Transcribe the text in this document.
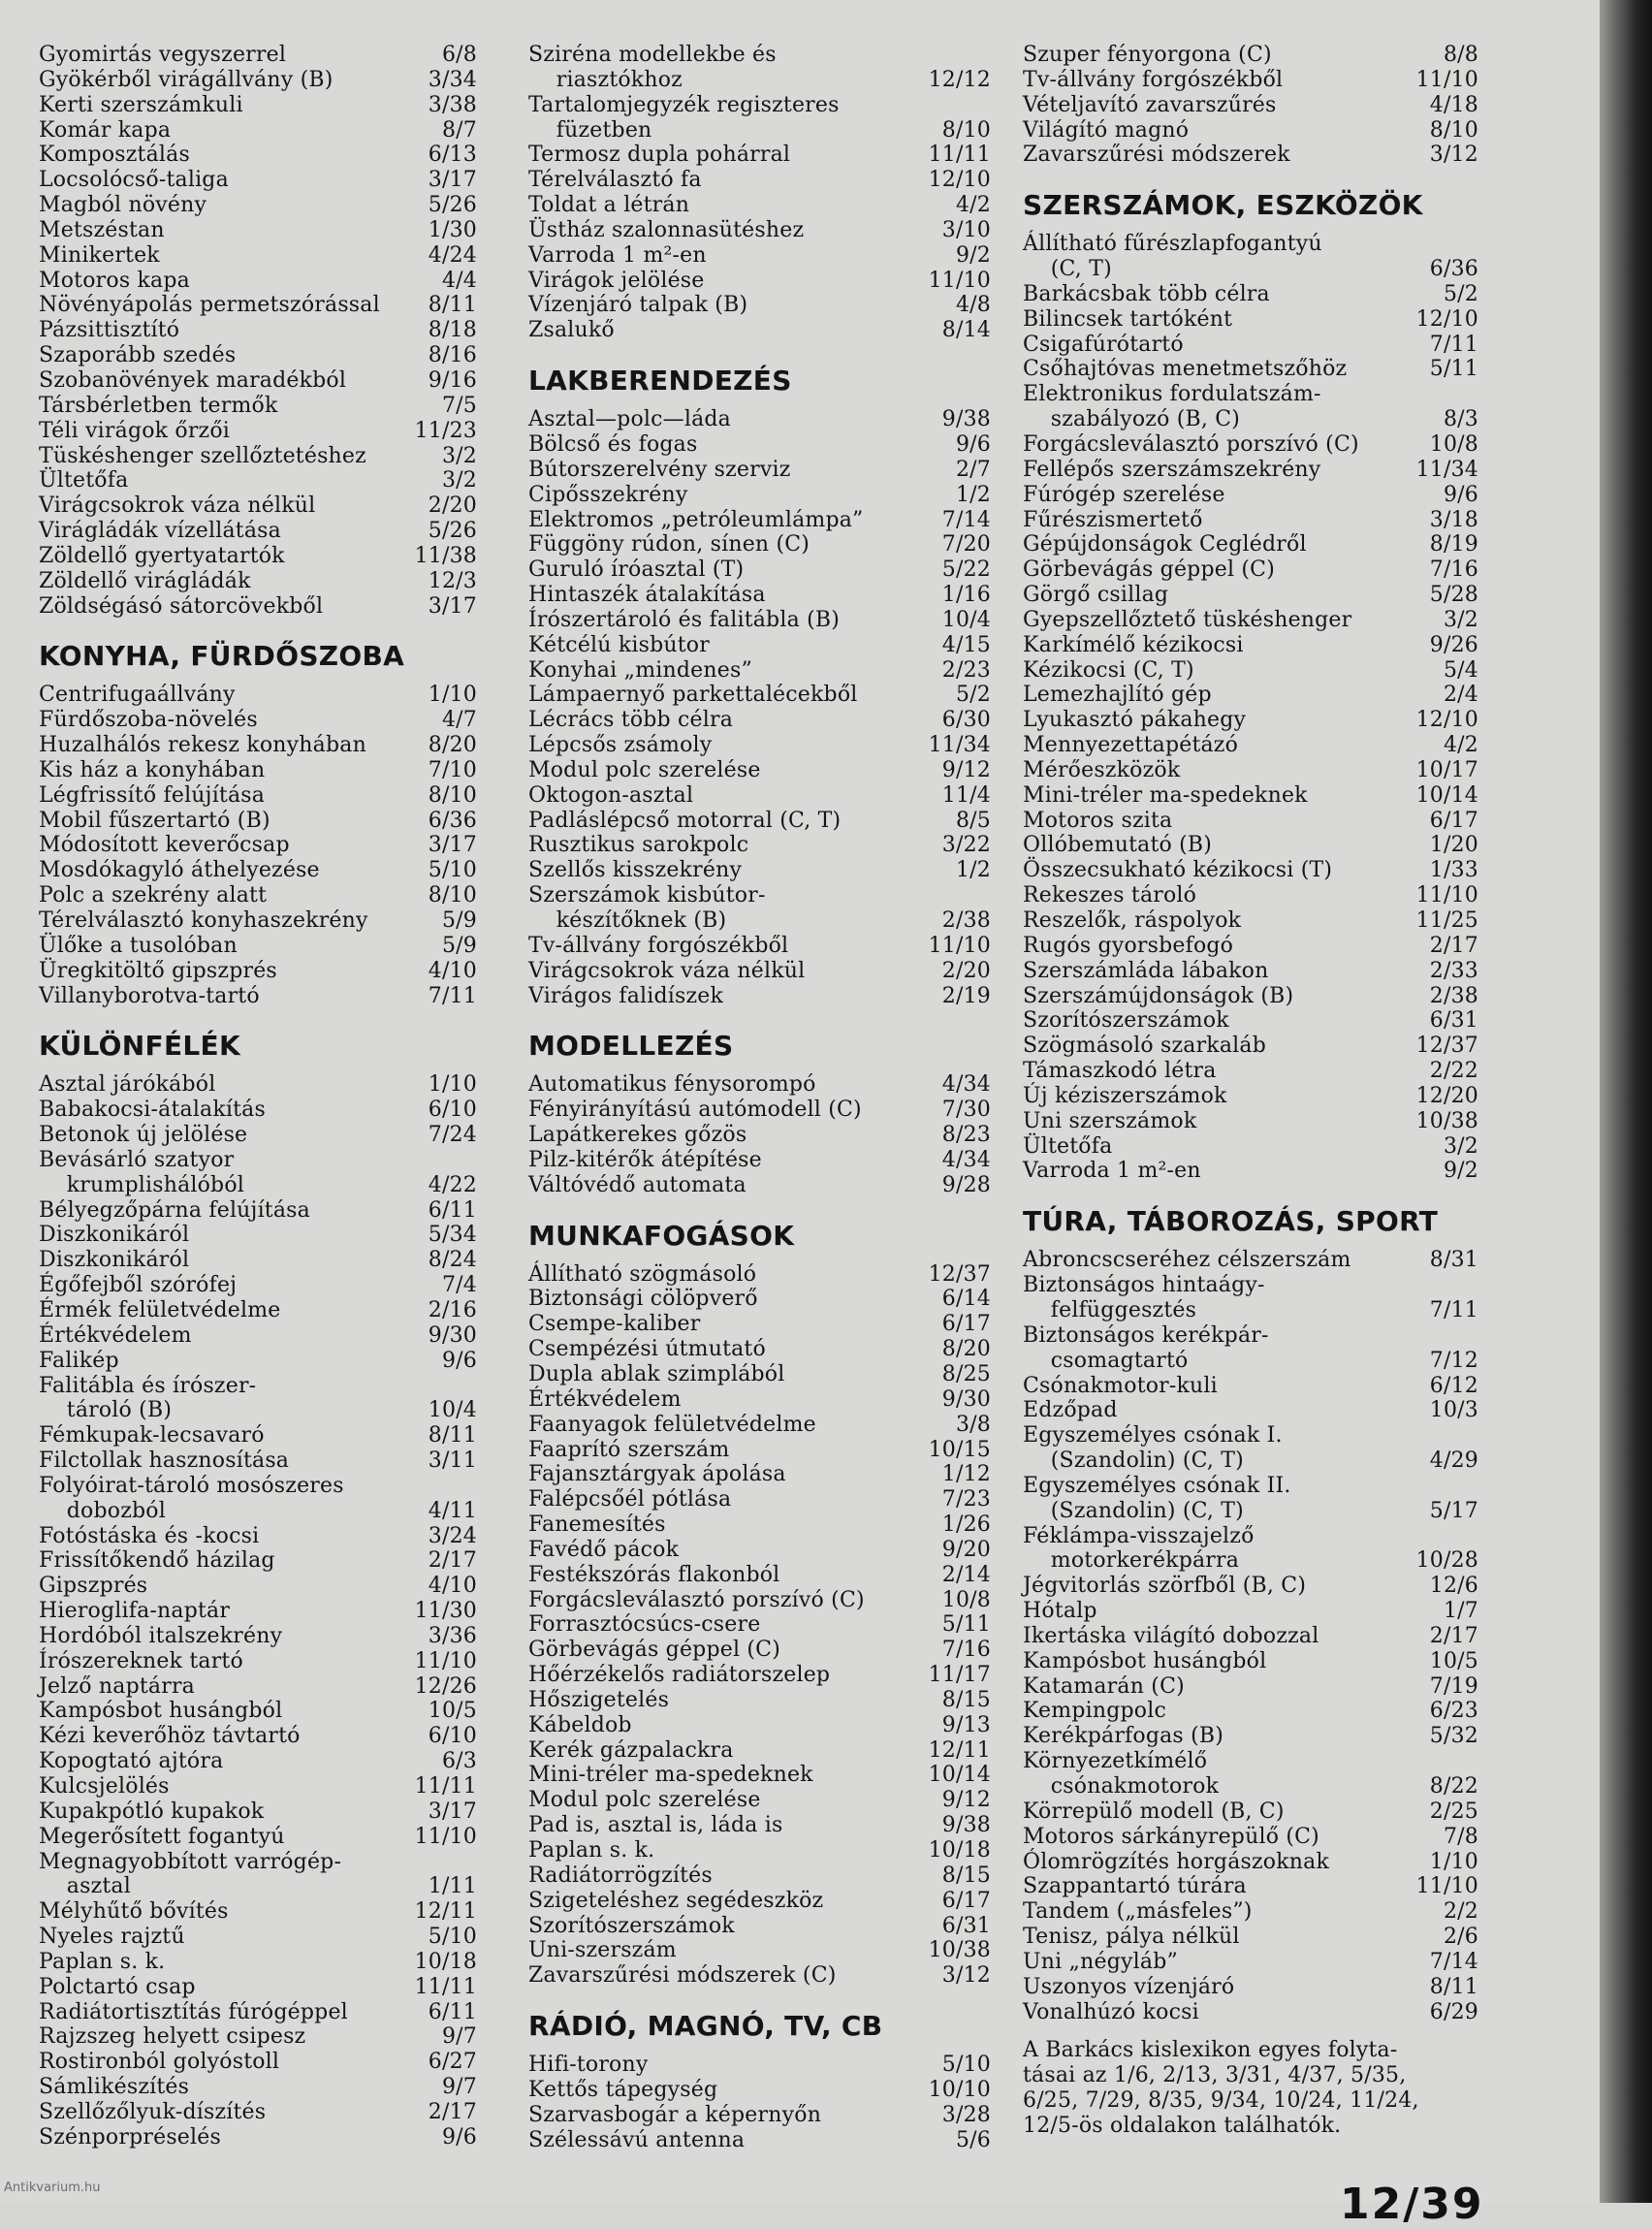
Gyomirtás vegyszerrel	6/8
Gyökérből virágállvány (B)	3/34
Kerti szerszámkuli	3/38
Komár kapa	8/7
Komposztálás	6/13
Locsolócső-taliga	3/17
Magból növény	5/26
Metszéstan	1/30
Minikertek	4/24
Motoros kapa	4/4
Növényápolás permetszórással	8/11
Pázsittisztító	8/18
Szaporább szedés	8/16
Szobanövények maradékból	9/16
Társbérletben termők	7/5
Téli virágok őrzői	11/23
Tüskéshenger szellőztetéshez	3/2
Ültetőfa	3/2
Virágcsokrok váza nélkül	2/20
Virágládák vízellátása	5/26
Zöldellő gyertyatartók	11/38
Zöldellő virágládák	12/3
Zöldségásó sátorcövekből	3/17
KONYHA, FÜRDŐSZOBA
Centrifugaállvány	1/10
Fürdőszoba-növelés	4/7
Huzalhálós rekesz konyhában	8/20
Kis ház a konyhában	7/10
Légfrissítő felújítása	8/10
Mobil fűszertartó (B)	6/36
Módosított keverőcsap	3/17
Mosdókagyló áthelyezése	5/10
Polc a szekrény alatt	8/10
Térelválasztó konyhaszekrény	5/9
Ülőke a tusolóban	5/9
Üregkitöltő gipszprés	4/10
Villanyborotva-tartó	7/11
KÜLÖNFÉLÉK
Asztal járókából	1/10
Babakocsi-átalakítás	6/10
Betonok új jelölése	7/24
Bevásárló szatyor
krumplishálóból	4/22
Bélyegzőpárna felújítása	6/11
Diszkonikáról	5/34
Diszkonikáról	8/24
Égőfejből szórófej	7/4
Érmék felületvédelme	2/16
Értékvédelem	9/30
Falikép	9/6
Falitábla és írószer-
tároló (B)	10/4
Fémkupak-lecsavaró	8/11
Filctollak hasznosítása	3/11
Folyóirat-tároló mosószeres
dobozból	4/11
Fotóstáska és -kocsi	3/24
Frissítőkendő házilag	2/17
Gipszprés	4/10
Hieroglifa-naptár	11/30
Hordóból italszekrény	3/36
Írószereknek tartó	11/10
Jelző naptárra	12/26
Kampósbot husángból	10/5
Kézi keverőhöz távtartó	6/10
Kopogtató ajtóra	6/3
Kulcsjelölés	11/11
Kupakpótló kupakok	3/17
Megerősített fogantyú	11/10
Megnagyobbított varrógép-
asztal	1/11
Mélyhűtő bővítés	12/11
Nyeles rajztű	5/10
Paplan s. k.	10/18
Polctartó csap	11/11
Radiátortisztítás fúrógéppel	6/11
Rajzszeg helyett csipesz	9/7
Rostironból golyóstoll	6/27
Sámlikészítés	9/7
Szellőzőlyuk-díszítés	2/17
Szénporpréselés	9/6
Sziréna modellekbe és
riasztókhoz	12/12
Tartalomjegyzék regiszteres
füzetben	8/10
Termosz dupla pohárral	11/11
Térelválasztó fa	12/10
Toldat a létrán	4/2
Üstház szalonnasütéshez	3/10
Varroda 1 m²-en	9/2
Virágok jelölése	11/10
Vízenjáró talpak (B)	4/8
Zsalukő	8/14
LAKBERENDEZÉS
Asztal—polc—láda	9/38
Bölcső és fogas	9/6
Bútorszerelvény szerviz	2/7
Cipősszekrény	1/2
Elektromos „petróleumlámpa”	7/14
Függöny rúdon, sínen (C)	7/20
Guruló íróasztal (T)	5/22
Hintaszék átalakítása	1/16
Írószertároló és falitábla (B)	10/4
Kétcélú kisbútor	4/15
Konyhai „mindenes”	2/23
Lámpaernyő parkettalécekből	5/2
Lécrács több célra	6/30
Lépcsős zsámoly	11/34
Modul polc szerelése	9/12
Oktogon-asztal	11/4
Padláslépcső motorral (C, T)	8/5
Rusztikus sarokpolc	3/22
Szellős kisszekrény	1/2
Szerszámok kisbútor-
készítőknek (B)	2/38
Tv-állvány forgószékből	11/10
Virágcsokrok váza nélkül	2/20
Virágos falidíszek	2/19
MODELLEZÉS
Automatikus fénysorompó	4/34
Fényirányítású autómodell (C)	7/30
Lapátkerekes gőzös	8/23
Pilz-kitérők átépítése	4/34
Váltóvédő automata	9/28
MUNKAFOGÁSOK
Állítható szögmásoló	12/37
Biztonsági cölöpverő	6/14
Csempe-kaliber	6/17
Csempézési útmutató	8/20
Dupla ablak szimplából	8/25
Értékvédelem	9/30
Faanyagok felületvédelme	3/8
Faaprító szerszám	10/15
Fajansztárgyak ápolása	1/12
Falépcsőél pótlása	7/23
Fanemesítés	1/26
Favédő pácok	9/20
Festékszórás flakonból	2/14
Forgácsleválasztó porszívó (C)	10/8
Forrasztócsúcs-csere	5/11
Görbevágás géppel (C)	7/16
Hőérzékelős radiátorszelep	11/17
Hőszigetelés	8/15
Kábeldob	9/13
Kerék gázpalackra	12/11
Mini-tréler ma-spedeknek	10/14
Modul polc szerelése	9/12
Pad is, asztal is, láda is	9/38
Paplan s. k.	10/18
Radiátorrögzítés	8/15
Szigeteléshez segédeszköz	6/17
Szorítószerszámok	6/31
Uni-szerszám	10/38
Zavarszűrési módszerek (C)	3/12
RÁDIÓ, MAGNÓ, TV, CB
Hifi-torony	5/10
Kettős tápegység	10/10
Szarvasbogár a képernyőn	3/28
Szélessávú antenna	5/6
Szuper fényorgona (C)	8/8
Tv-állvány forgószékből	11/10
Vételjavító zavarszűrés	4/18
Világító magnó	8/10
Zavarszűrési módszerek	3/12
SZERSZÁMOK, ESZKÖZÖK
Állítható fűrészlapfogantyú
(C, T)	6/36
Barkácsbak több célra	5/2
Bilincsek tartóként	12/10
Csigafúrótartó	7/11
Csőhajtóvas menetmetszőhöz	5/11
Elektronikus fordulatszám-
szabályozó (B, C)	8/3
Forgácsleválasztó porszívó (C)	10/8
Fellépős szerszámszekrény	11/34
Fúrógép szerelése	9/6
Fűrészismertető	3/18
Gépújdonságok Ceglédről	8/19
Görbevágás géppel (C)	7/16
Görgő csillag	5/28
Gyepszellőztető tüskéshenger	3/2
Karkímélő kézikocsi	9/26
Kézikocsi (C, T)	5/4
Lemezhajlító gép	2/4
Lyukasztó pákahegy	12/10
Mennyezettapétázó	4/2
Mérőeszközök	10/17
Mini-tréler ma-spedeknek	10/14
Motoros szita	6/17
Ollóbemutató (B)	1/20
Összecsukható kézikocsi (T)	1/33
Rekeszes tároló	11/10
Reszelők, ráspolyok	11/25
Rugós gyorsbefogó	2/17
Szerszámláda lábakon	2/33
Szerszámújdonságok (B)	2/38
Szorítószerszámok	6/31
Szögmásoló szarkaláb	12/37
Támaszkodó létra	2/22
Új kéziszerszámok	12/20
Uni szerszámok	10/38
Ültetőfa	3/2
Varroda 1 m²-en	9/2
TÚRA, TÁBOROZÁS, SPORT
Abroncscseréhez célszerszám	8/31
Biztonságos hintaágy-
felfüggesztés	7/11
Biztonságos kerékpár-
csomagtartó	7/12
Csónakmotor-kuli	6/12
Edzőpad	10/3
Egyszemélyes csónak I.
(Szandolin) (C, T)	4/29
Egyszemélyes csónak II.
(Szandolin) (C, T)	5/17
Féklámpa-visszajelző
motorkerékpárra	10/28
Jégvitorlás szörfből (B, C)	12/6
Hótalp	1/7
Ikertáska világító dobozzal	2/17
Kampósbot husángból	10/5
Katamarán (C)	7/19
Kempingpolc	6/23
Kerékpárfogas (B)	5/32
Környezetkímélő
csónakmotorok	8/22
Körrepülő modell (B, C)	2/25
Motoros sárkányrepülő (C)	7/8
Ólomrögzítés horgászoknak	1/10
Szappantartó túrára	11/10
Tandem („másfeles”)	2/2
Tenisz, pálya nélkül	2/6
Uni „négyláb”	7/14
Uszonyos vízenjáró	8/11
Vonalhúzó kocsi	6/29
A Barkács kislexikon egyes folyta-
tásai az 1/6, 2/13, 3/31, 4/37, 5/35,
6/25, 7/29, 8/35, 9/34, 10/24, 11/24,
12/5-ös oldalakon találhatók.
12/39
Antikvarium.hu
